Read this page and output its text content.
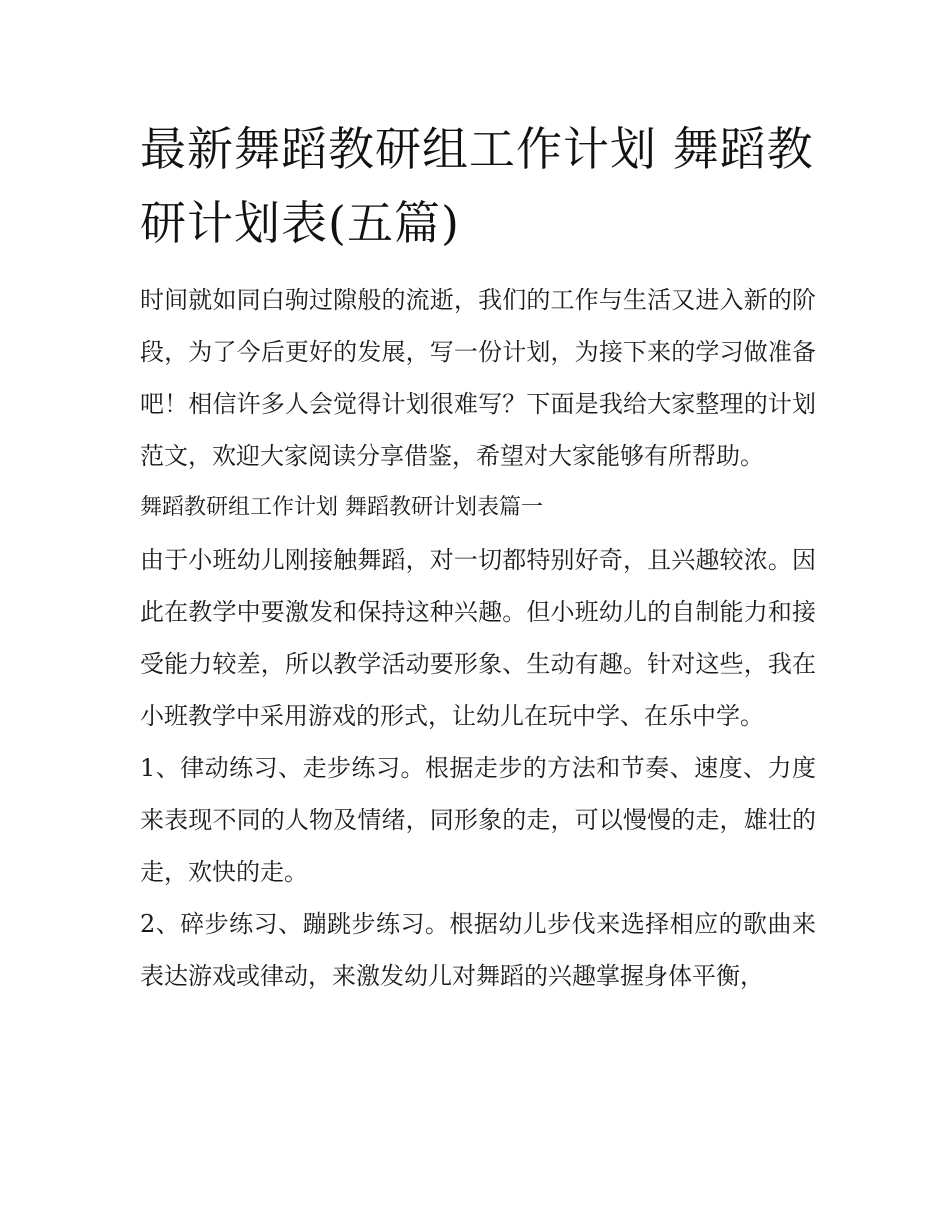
最新舞蹈教研组工作计划 舞蹈教研计划表(五篇)

时间就如同白驹过隙般的流逝，我们的工作与生活又进入新的阶段，为了今后更好的发展，写一份计划，为接下来的学习做准备吧！相信许多人会觉得计划很难写？下面是我给大家整理的计划范文，欢迎大家阅读分享借鉴，希望对大家能够有所帮助。

舞蹈教研组工作计划 舞蹈教研计划表篇一

由于小班幼儿刚接触舞蹈，对一切都特别好奇，且兴趣较浓。因此在教学中要激发和保持这种兴趣。但小班幼儿的自制能力和接受能力较差，所以教学活动要形象、生动有趣。针对这些，我在小班教学中采用游戏的形式，让幼儿在玩中学、在乐中学。

1、律动练习、走步练习。根据走步的方法和节奏、速度、力度来表现不同的人物及情绪，同形象的走，可以慢慢的走，雄壮的走，欢快的走。

2、碎步练习、蹦跳步练习。根据幼儿步伐来选择相应的歌曲来表达游戏或律动，来激发幼儿对舞蹈的兴趣掌握身体平衡，
